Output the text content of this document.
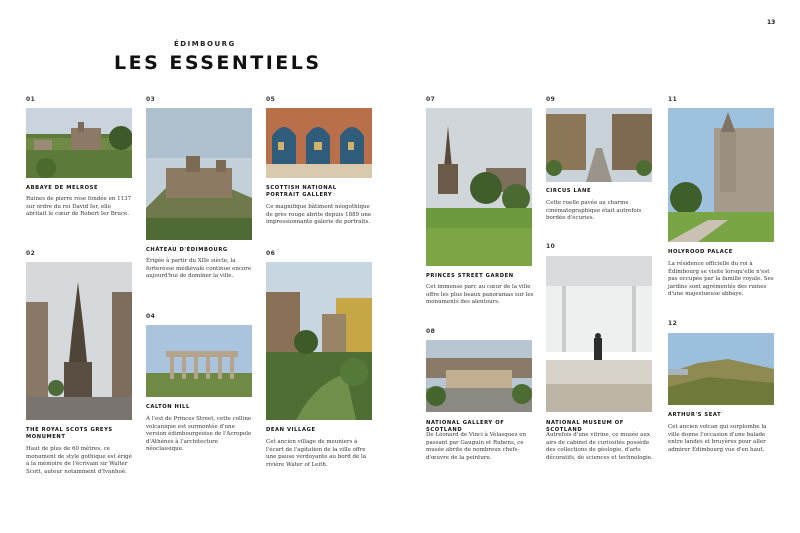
13
ÉDIMBOURG
LES ESSENTIELS
01
ABBAYE DE MELROSE
Ruines de pierre rose fondée en 1137 sur ordre du roi David Ier, elle abritait le cœur de Robert Ier Bruce.
02
THE ROYAL SCOTS GREYS MONUMENT
Haut de plus de 60 mètres, ce monument de style gothique est érigé à la mémoire de l'écrivain sir Walter Scott, auteur notamment d'Ivanhoé.
03
CHÂTEAU D'ÉDIMBOURG
Érigée à partir du XIIe siècle, la forteresse médiévale continue encore aujourd'hui de dominer la ville.
04
CALTON HILL
À l'est de Princes Street, cette colline volcanique est surmontée d'une version édimbourgeoise de l'Acropole d'Athènes à l'architecture néoclassique.
05
SCOTTISH NATIONAL PORTRAIT GALLERY
Ce magnifique bâtiment néogothique de grès rouge abrite depuis 1889 une impressionnante galerie de portraits.
06
DEAN VILLAGE
Cet ancien village de meuniers à l'écart de l'agitation de la ville offre une pause verdoyante au bord de la rivière Water of Leith.
07
PRINCES STREET GARDEN
Cet immense parc au cœur de la ville offre les plus beaux panoramas sur les monuments des alentours.
08
NATIONAL GALLERY OF SCOTLAND
De Léonard de Vinci à Vélasquez en passant par Gauguin et Rubens, ce musée abrite de nombreux chefs-d'œuvre de la peinture.
09
CIRCUS LANE
Cette ruelle pavée au charme cinématographique était autrefois bordée d'écuries.
10
NATIONAL MUSEUM OF SCOTLAND
Autrefois d'une vitrine, ce musée aux airs de cabinet de curiosités possède des collections de géologie, d'arts décoratifs, de sciences et technologie.
11
HOLYROOD PALACE
La résidence officielle du roi à Édimbourg se visite lorsqu'elle n'est pas occupée par la famille royale. Ses jardins sont agrémentés des ruines d'une majestueuse abbaye.
12
ARTHUR'S SEAT
Cet ancien volcan qui surplombe la ville donne l'occasion d'une balade entre landes et bruyères pour aller admirer Édimbourg vue d'en haut.
